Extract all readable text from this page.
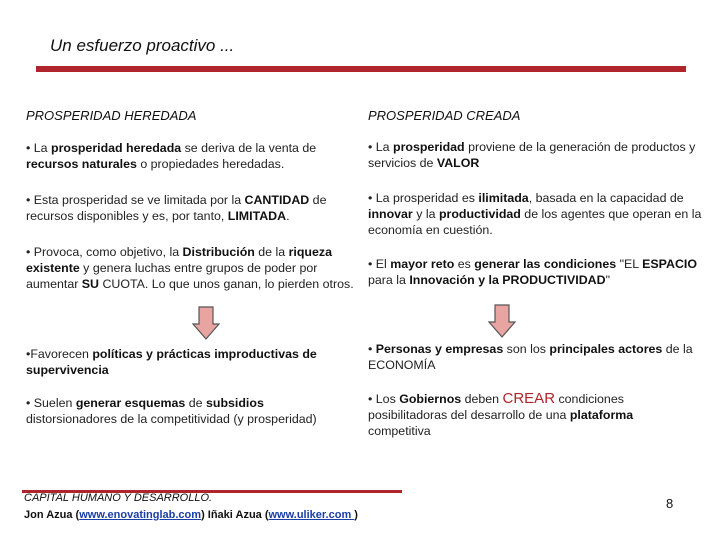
Un esfuerzo proactivo ...
PROSPERIDAD HEREDADA	PROSPERIDAD CREADA
• La prosperidad heredada se deriva de la venta de recursos naturales o propiedades heredadas.
• Esta prosperidad se ve limitada por la CANTIDAD de recursos disponibles y es, por tanto, LIMITADA.
• Provoca, como objetivo, la Distribución de la riqueza existente y genera luchas entre grupos de poder por aumentar SU CUOTA. Lo que unos ganan, lo pierden otros.
•Favorecen políticas y prácticas improductivas de supervivencia
• Suelen generar esquemas de subsidios distorsionadores de la competitividad (y prosperidad)
• La prosperidad proviene de la generación de productos y servicios de VALOR
• La prosperidad es ilimitada, basada en la capacidad de innovar y la productividad de los agentes que operan en la economía en cuestión.
• El mayor reto es generar las condiciones "EL ESPACIO para la Innovación y la PRODUCTIVIDAD"
• Personas y empresas son los principales actores de la ECONOMÍA
• Los Gobiernos deben CREAR condiciones posibilitadoras del desarrollo de una plataforma competitiva
CAPITAL HUMANO Y DESARROLLO.
Jon Azua (www.enovatinglab.com) Iñaki Azua (www.uliker.com )
8
